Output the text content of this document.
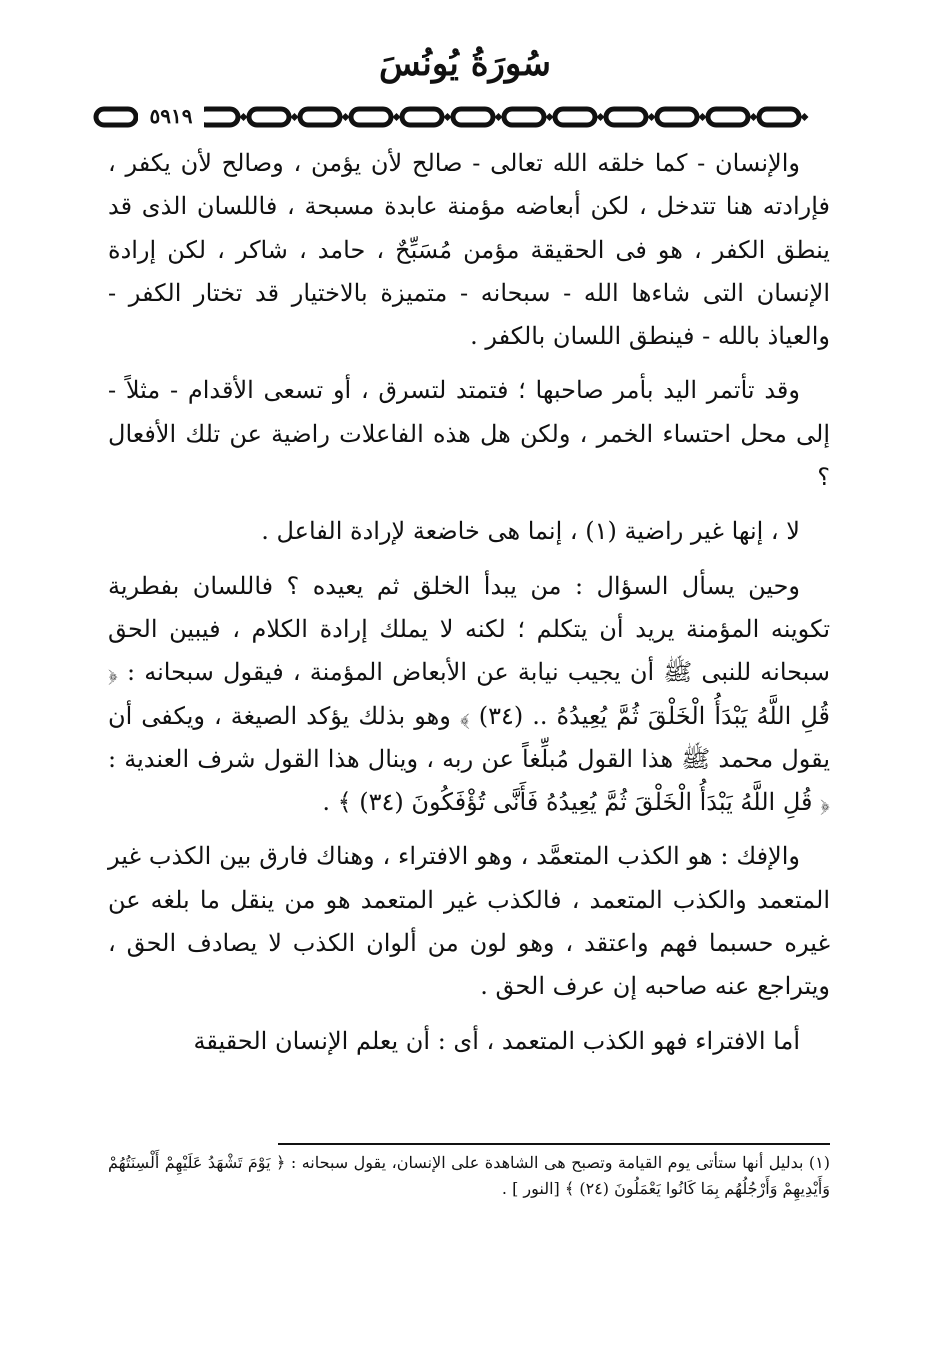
سُورَةُ يُونُسَ
٥٩١٩

والإنسان - كما خلقه الله تعالى - صالح لأن يؤمن ، وصالح لأن يكفر ، فإرادته هنا تتدخل ، لكن أبعاضه مؤمنة عابدة مسبحة ، فاللسان الذى قد ينطق الكفر ، هو فى الحقيقة مؤمن مُسَبِّحٌ ، حامد ، شاكر ، لكن إرادة الإنسان التى شاءها الله - سبحانه - متميزة بالاختيار قد تختار الكفر - والعياذ بالله - فينطق اللسان بالكفر .

وقد تأتمر اليد بأمر صاحبها ؛ فتمتد لتسرق ، أو تسعى الأقدام - مثلاً - إلى محل احتساء الخمر ، ولكن هل هذه الفاعلات راضية عن تلك الأفعال ؟

لا ، إنها غير راضية (١) ، إنما هى خاضعة لإرادة الفاعل .

وحين يسأل السؤال : من يبدأ الخلق ثم يعيده ؟ فاللسان بفطرية تكوينه المؤمنة يريد أن يتكلم ؛ لكنه لا يملك إرادة الكلام ، فيبين الحق سبحانه للنبى ﷺ أن يجيب نيابة عن الأبعاض المؤمنة ، فيقول سبحانه : ﴿ قُلِ اللَّهُ يَبْدَأُ الْخَلْقَ ثُمَّ يُعِيدُهُ .. (٣٤) ﴾ وهو بذلك يؤكد الصيغة ، ويكفى أن يقول محمد ﷺ هذا القول مُبلِّغاً عن ربه ، وينال هذا القول شرف العندية : ﴿ قُلِ اللَّهُ يَبْدَأُ الْخَلْقَ ثُمَّ يُعِيدُهُ فَأَنَّى تُؤْفَكُونَ (٣٤) ﴾ .

والإفك : هو الكذب المتعمَّد ، وهو الافتراء ، وهناك فارق بين الكذب غير المتعمد والكذب المتعمد ، فالكذب غير المتعمد هو من ينقل ما بلغه عن غيره حسبما فهم واعتقد ، وهو لون من ألوان الكذب لا يصادف الحق ، ويتراجع عنه صاحبه إن عرف الحق .

أما الافتراء فهو الكذب المتعمد ، أى : أن يعلم الإنسان الحقيقة

(١) بدليل أنها ستأتى يوم القيامة وتصبح هى الشاهدة على الإنسان، يقول سبحانه : ﴿ يَوْمَ تَشْهَدُ عَلَيْهِمْ أَلْسِنَتُهُمْ وَأَيْدِيهِمْ وَأَرْجُلُهُم بِمَا كَانُوا يَعْمَلُونَ (٢٤) ﴾ [النور ] .
